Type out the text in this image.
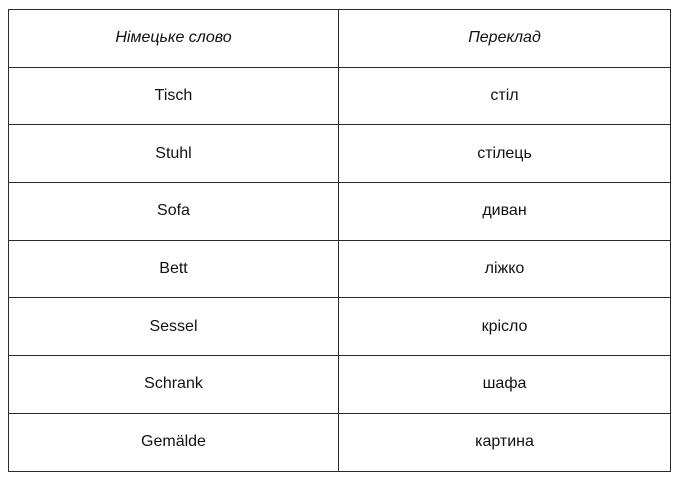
Німецьке слово	Переклад
Tisch	стіл
Stuhl	стілець
Sofa	диван
Bett	ліжко
Sessel	крісло
Schrank	шафа
Gemälde	картина
